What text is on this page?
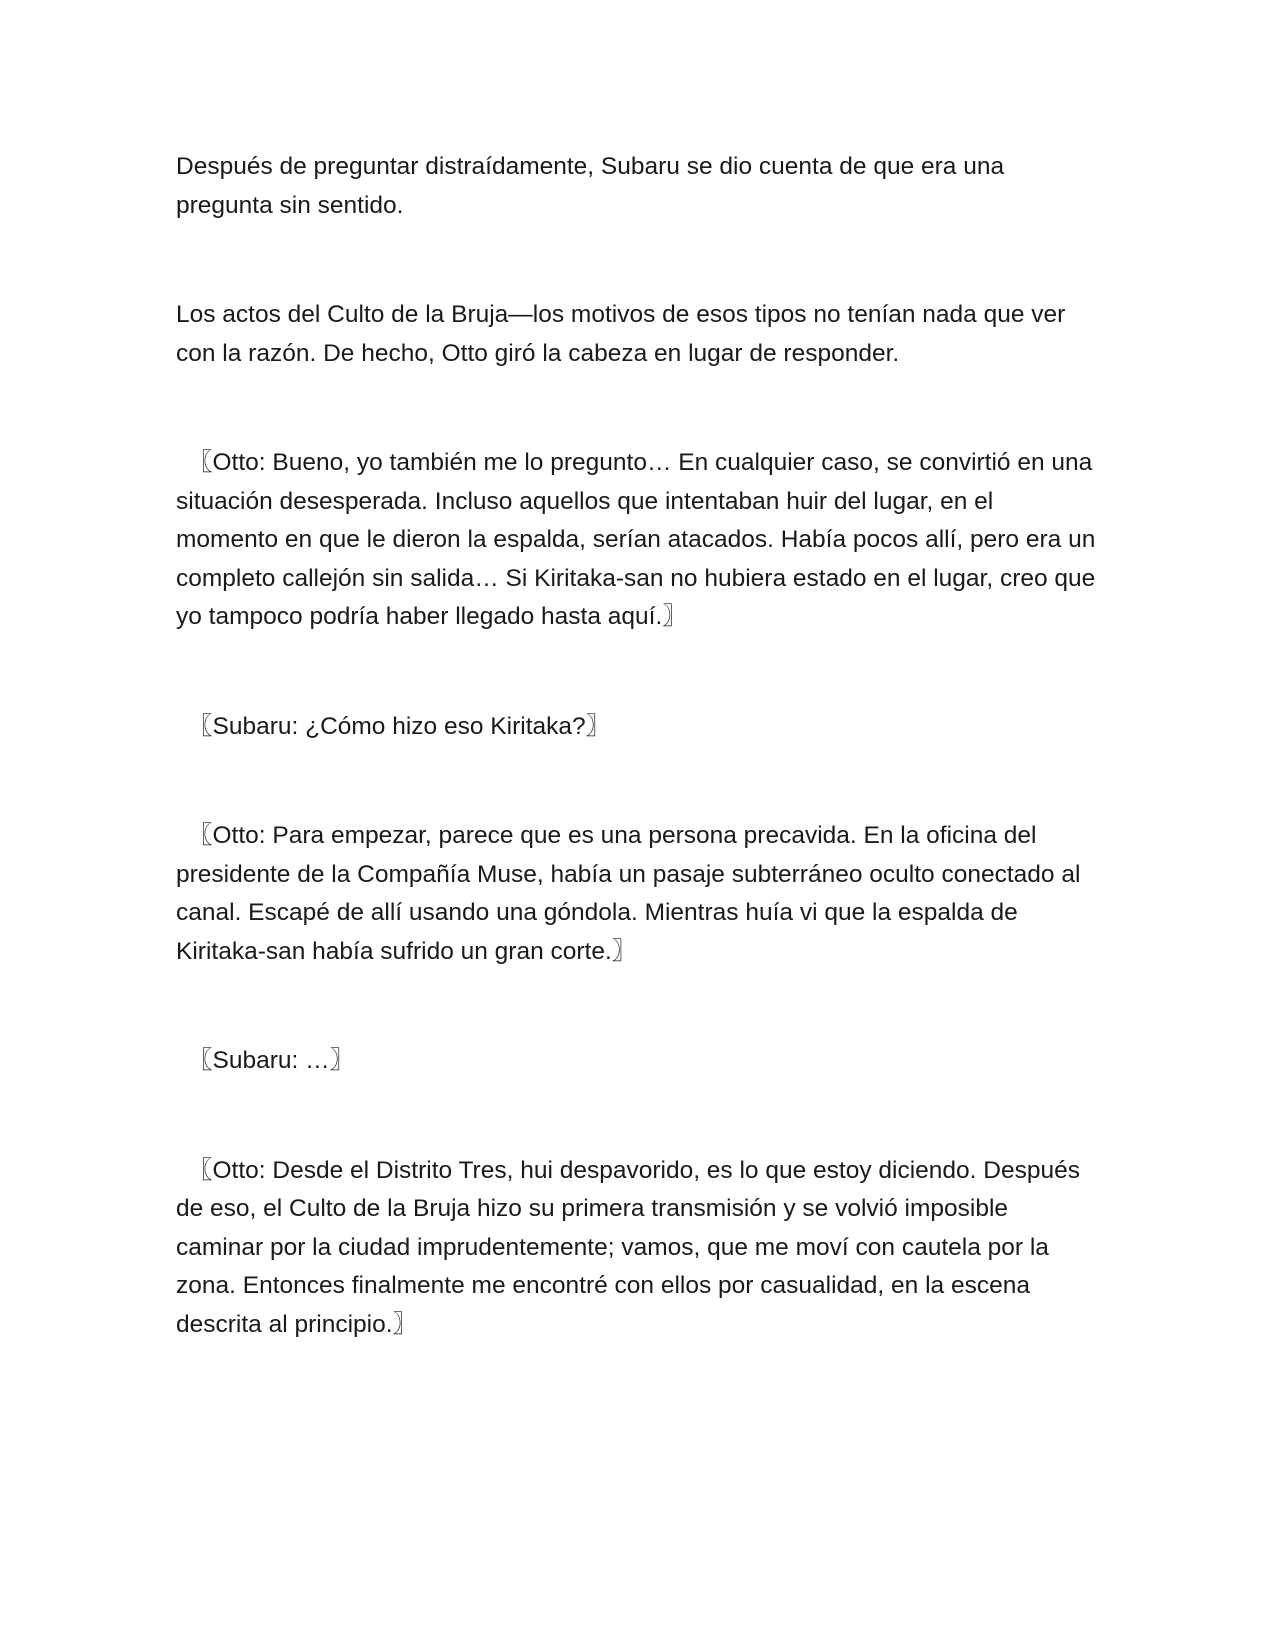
Después de preguntar distraídamente, Subaru se dio cuenta de que era una pregunta sin sentido.

Los actos del Culto de la Bruja—los motivos de esos tipos no tenían nada que ver con la razón. De hecho, Otto giró la cabeza en lugar de responder.

〖Otto: Bueno, yo también me lo pregunto… En cualquier caso, se convirtió en una situación desesperada. Incluso aquellos que intentaban huir del lugar, en el momento en que le dieron la espalda, serían atacados. Había pocos allí, pero era un completo callejón sin salida… Si Kiritaka-san no hubiera estado en el lugar, creo que yo tampoco podría haber llegado hasta aquí.〗

〖Subaru: ¿Cómo hizo eso Kiritaka?〗

〖Otto: Para empezar, parece que es una persona precavida. En la oficina del presidente de la Compañía Muse, había un pasaje subterráneo oculto conectado al canal. Escapé de allí usando una góndola. Mientras huía vi que la espalda de Kiritaka-san había sufrido un gran corte.〗

〖Subaru: …〗

〖Otto: Desde el Distrito Tres, hui despavorido, es lo que estoy diciendo. Después de eso, el Culto de la Bruja hizo su primera transmisión y se volvió imposible caminar por la ciudad imprudentemente; vamos, que me moví con cautela por la zona. Entonces finalmente me encontré con ellos por casualidad, en la escena descrita al principio.〗
